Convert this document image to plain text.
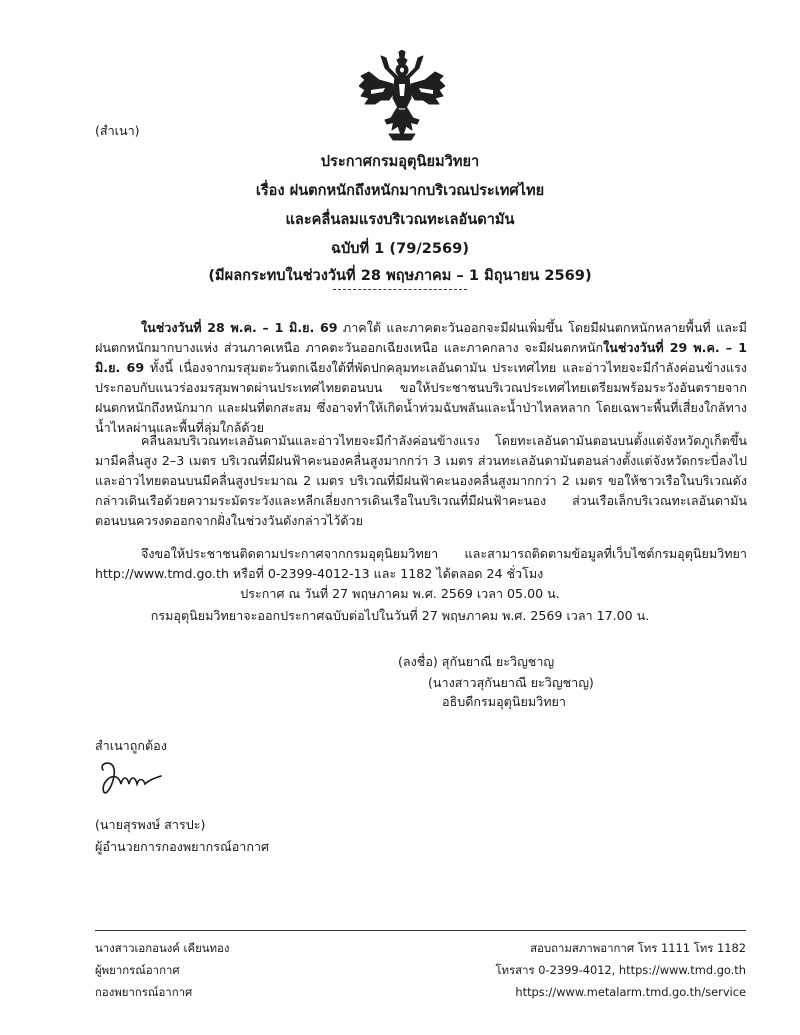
(สำเนา)
ประกาศกรมอุตุนิยมวิทยา
เรื่อง ฝนตกหนักถึงหนักมากบริเวณประเทศไทย
และคลื่นลมแรงบริเวณทะเลอันดามัน
ฉบับที่ 1 (79/2569)
(มีผลกระทบในช่วงวันที่ 28 พฤษภาคม – 1 มิถุนายน 2569)

ในช่วงวันที่ 28 พ.ค. – 1 มิ.ย. 69 ภาคใต้ และภาคตะวันออกจะมีฝนเพิ่มขึ้น โดยมีฝนตกหนักหลายพื้นที่ และมีฝนตกหนักมากบางแห่ง ส่วนภาคเหนือ ภาคตะวันออกเฉียงเหนือ และภาคกลาง จะมีฝนตกหนักในช่วงวันที่ 29 พ.ค. – 1 มิ.ย. 69 ทั้งนี้ เนื่องจากมรสุมตะวันตกเฉียงใต้ที่พัดปกคลุมทะเลอันดามัน ประเทศไทย และอ่าวไทยจะมีกำลังค่อนข้างแรง ประกอบกับแนวร่องมรสุมพาดผ่านประเทศไทยตอนบน ขอให้ประชาชนบริเวณประเทศไทยเตรียมพร้อมระวังอันตรายจากฝนตกหนักถึงหนักมาก และฝนที่ตกสะสม ซึ่งอาจทำให้เกิดน้ำท่วมฉับพลันและน้ำป่าไหลหลาก โดยเฉพาะพื้นที่เสี่ยงใกล้ทางน้ำไหลผ่านและพื้นที่ลุ่มใกล้ด้วย

คลื่นลมบริเวณทะเลอันดามันและอ่าวไทยจะมีกำลังค่อนข้างแรง โดยทะเลอันดามันตอนบนตั้งแต่จังหวัดภูเก็ตขึ้นมามีคลื่นสูง 2–3 เมตร บริเวณที่มีฝนฟ้าคะนองคลื่นสูงมากกว่า 3 เมตร ส่วนทะเลอันดามันตอนล่างตั้งแต่จังหวัดกระบี่ลงไป และอ่าวไทยตอนบนมีคลื่นสูงประมาณ 2 เมตร บริเวณที่มีฝนฟ้าคะนองคลื่นสูงมากกว่า 2 เมตร ขอให้ชาวเรือในบริเวณดังกล่าวเดินเรือด้วยความระมัดระวังและหลีกเลี่ยงการเดินเรือในบริเวณที่มีฝนฟ้าคะนอง ส่วนเรือเล็กบริเวณทะเลอันดามันตอนบนควรงดออกจากฝั่งในช่วงวันดังกล่าวไว้ด้วย

จึงขอให้ประชาชนติดตามประกาศจากกรมอุตุนิยมวิทยา และสามารถติดตามข้อมูลที่เว็บไซต์กรมอุตุนิยมวิทยา http://www.tmd.go.th หรือที่ 0-2399-4012-13 และ 1182 ได้ตลอด 24 ชั่วโมง

ประกาศ ณ วันที่ 27 พฤษภาคม พ.ศ. 2569 เวลา 05.00 น.
กรมอุตุนิยมวิทยาจะออกประกาศฉบับต่อไปในวันที่ 27 พฤษภาคม พ.ศ. 2569 เวลา 17.00 น.
(ลงชื่อ) สุกันยาณี ยะวิญชาญ
(นางสาวสุกันยาณี ยะวิญชาญ)
อธิบดีกรมอุตุนิยมวิทยา
สำเนาถูกต้อง
(นายสุรพงษ์ สารปะ)
ผู้อำนวยการกองพยากรณ์อากาศ
นางสาวเอกอนงค์ เคียนทอง
ผู้พยากรณ์อากาศ
กองพยากรณ์อากาศ
สอบถามสภาพอากาศ โทร 1111 โทร 1182
โทรสาร 0-2399-4012, https://www.tmd.go.th
https://www.metalarm.tmd.go.th/service
